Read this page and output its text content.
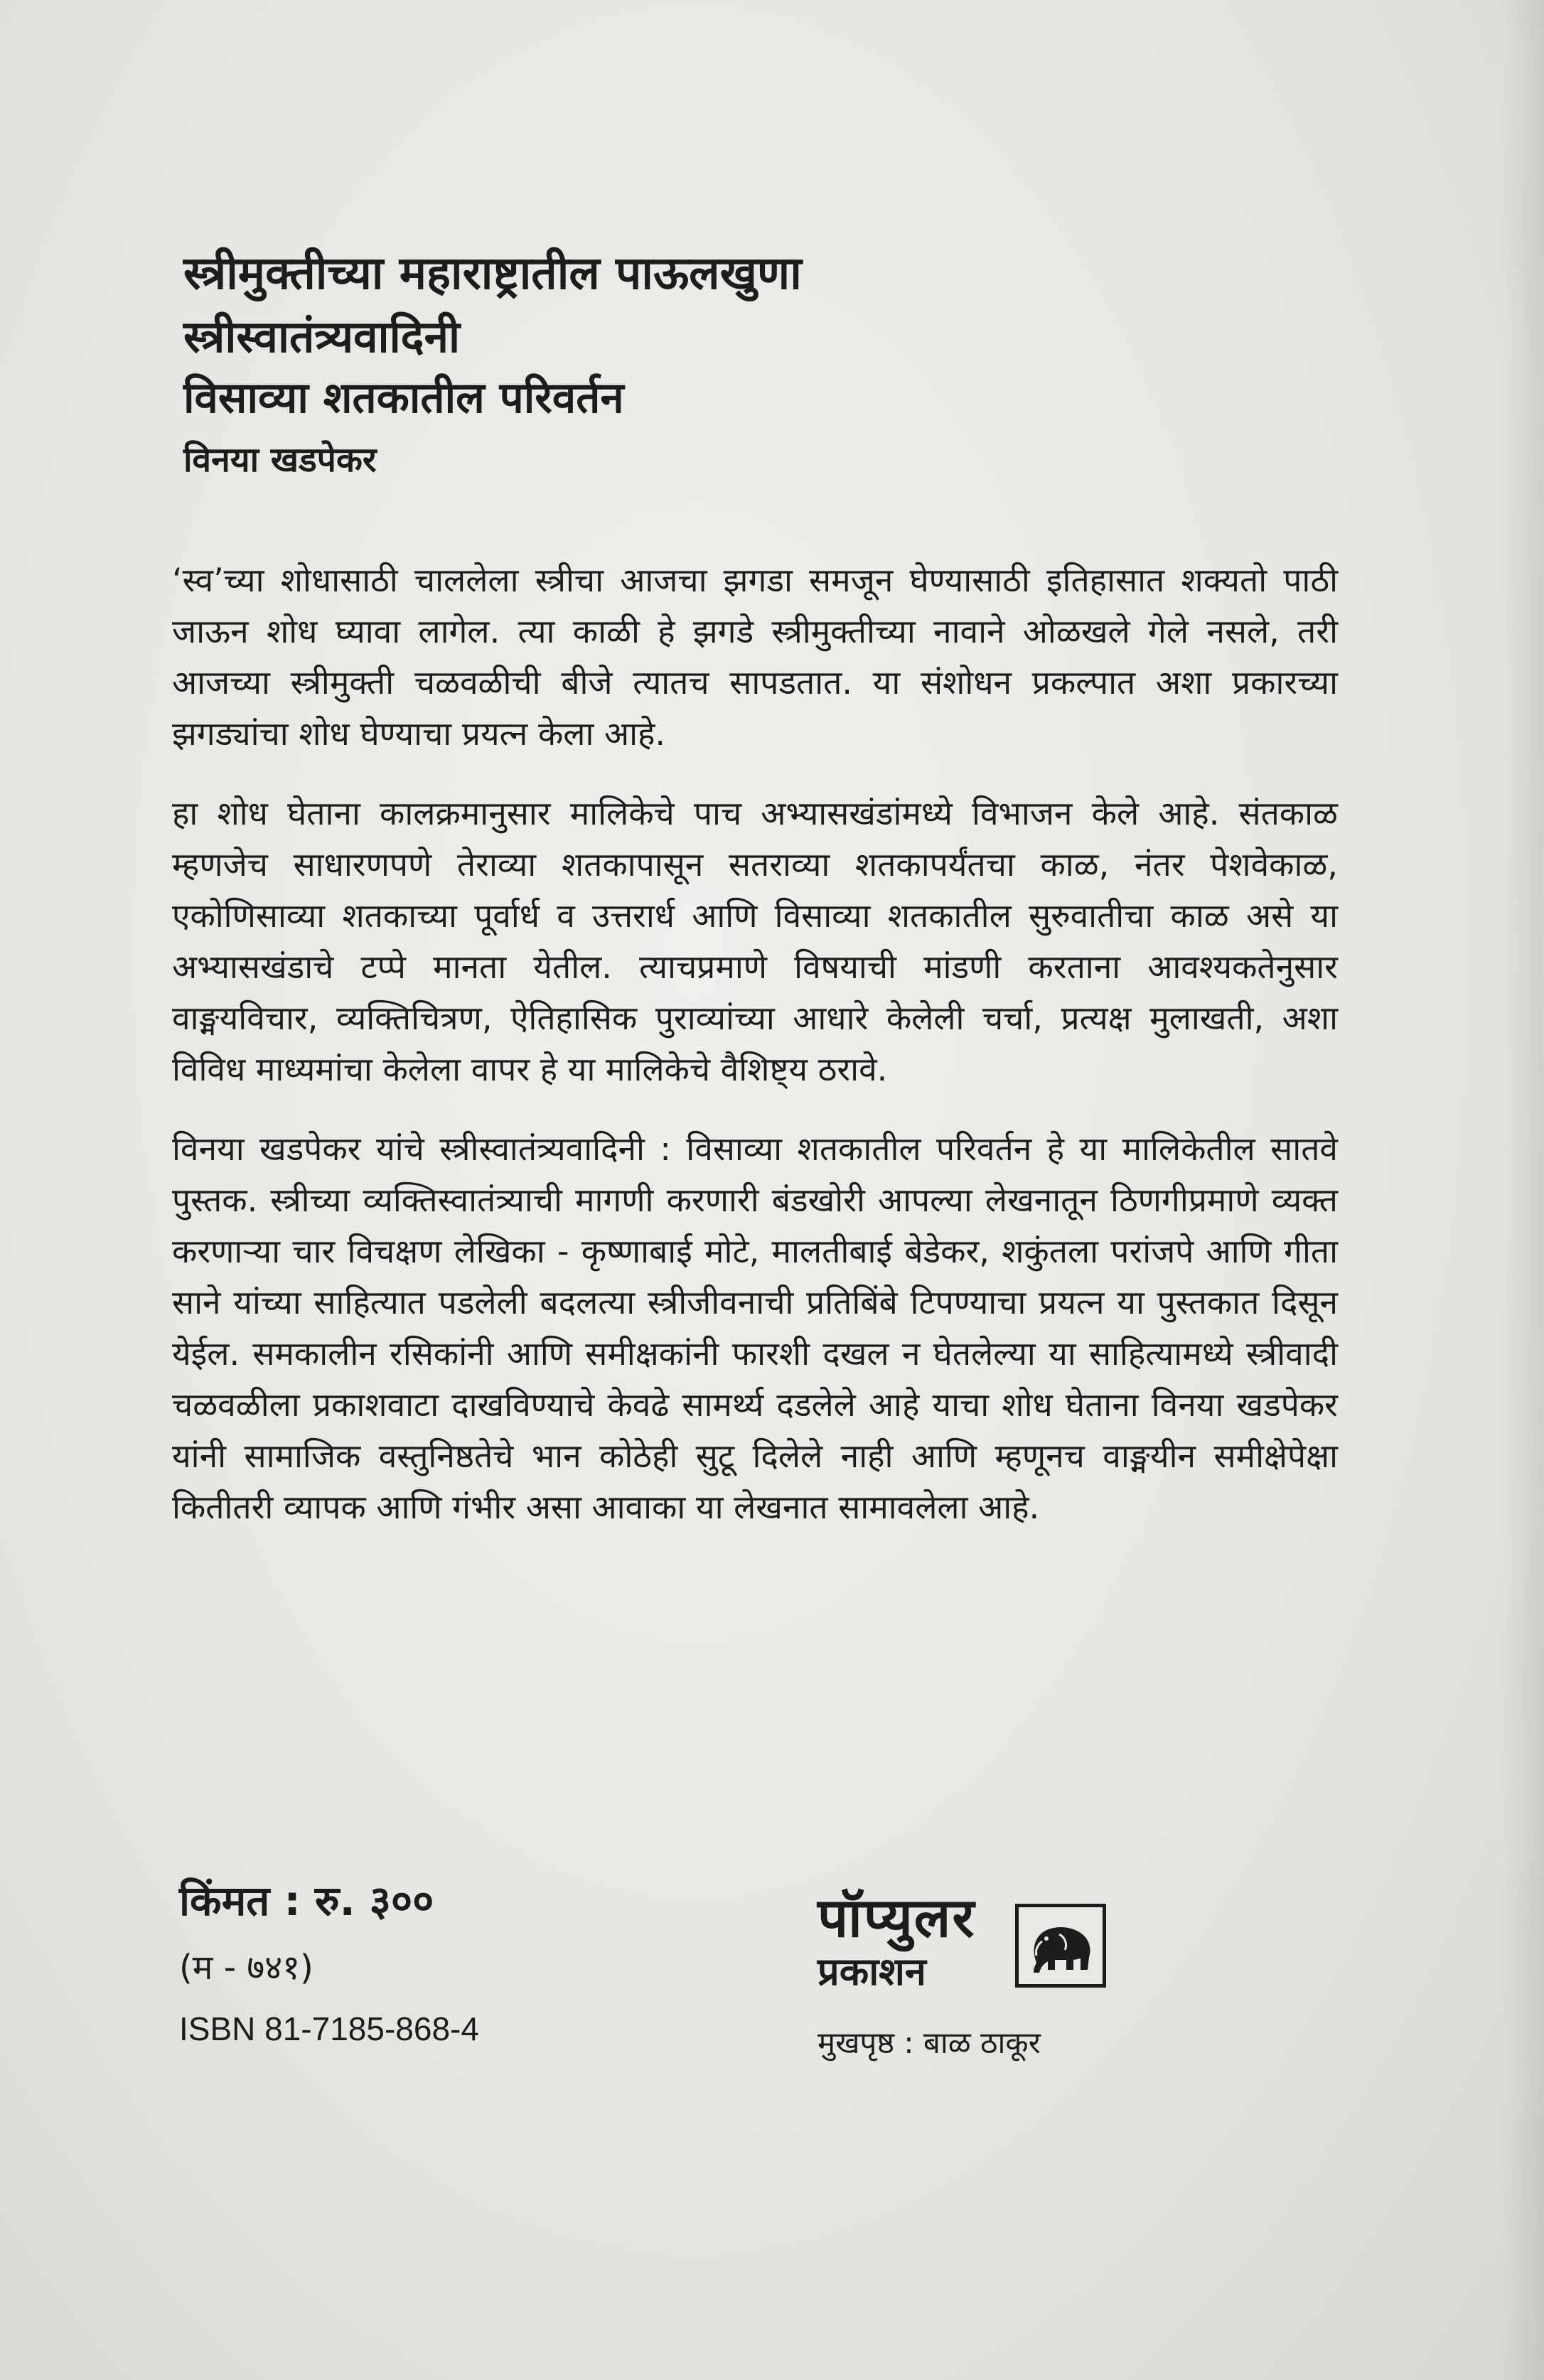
स्त्रीमुक्तीच्या महाराष्ट्रातील पाऊलखुणा
स्त्रीस्वातंत्र्यवादिनी
विसाव्या शतकातील परिवर्तन

विनया खडपेकर

‘स्व’च्या शोधासाठी चाललेला स्त्रीचा आजचा झगडा समजून घेण्यासाठी इतिहासात शक्यतो पाठी जाऊन शोध घ्यावा लागेल. त्या काळी हे झगडे स्त्रीमुक्तीच्या नावाने ओळखले गेले नसले, तरी आजच्या स्त्रीमुक्ती चळवळीची बीजे त्यातच सापडतात. या संशोधन प्रकल्पात अशा प्रकारच्या झगड्यांचा शोध घेण्याचा प्रयत्न केला आहे.

हा शोध घेताना कालक्रमानुसार मालिकेचे पाच अभ्यासखंडांमध्ये विभाजन केले आहे. संतकाळ म्हणजेच साधारणपणे तेराव्या शतकापासून सतराव्या शतकापर्यंतचा काळ, नंतर पेशवेकाळ, एकोणिसाव्या शतकाच्या पूर्वार्ध व उत्तरार्ध आणि विसाव्या शतकातील सुरुवातीचा काळ असे या अभ्यासखंडाचे टप्पे मानता येतील. त्याचप्रमाणे विषयाची मांडणी करताना आवश्यकतेनुसार वाङ्मयविचार, व्यक्तिचित्रण, ऐतिहासिक पुराव्यांच्या आधारे केलेली चर्चा, प्रत्यक्ष मुलाखती, अशा विविध माध्यमांचा केलेला वापर हे या मालिकेचे वैशिष्ट्य ठरावे.

विनया खडपेकर यांचे स्त्रीस्वातंत्र्यवादिनी : विसाव्या शतकातील परिवर्तन हे या मालिकेतील सातवे पुस्तक. स्त्रीच्या व्यक्तिस्वातंत्र्याची मागणी करणारी बंडखोरी आपल्या लेखनातून ठिणगीप्रमाणे व्यक्त करणाऱ्या चार विचक्षण लेखिका - कृष्णाबाई मोटे, मालतीबाई बेडेकर, शकुंतला परांजपे आणि गीता साने यांच्या साहित्यात पडलेली बदलत्या स्त्रीजीवनाची प्रतिबिंबे टिपण्याचा प्रयत्न या पुस्तकात दिसून येईल. समकालीन रसिकांनी आणि समीक्षकांनी फारशी दखल न घेतलेल्या या साहित्यामध्ये स्त्रीवादी चळवळीला प्रकाशवाटा दाखविण्याचे केवढे सामर्थ्य दडलेले आहे याचा शोध घेताना विनया खडपेकर यांनी सामाजिक वस्तुनिष्ठतेचे भान कोठेही सुटू दिलेले नाही आणि म्हणूनच वाङ्मयीन समीक्षेपेक्षा कितीतरी व्यापक आणि गंभीर असा आवाका या लेखनात सामावलेला आहे.

किंमत : रु. ३००

(म - ७४१)

ISBN 81-7185-868-4

पॉप्युलर

प्रकाशन

मुखपृष्ठ : बाळ ठाकूर
